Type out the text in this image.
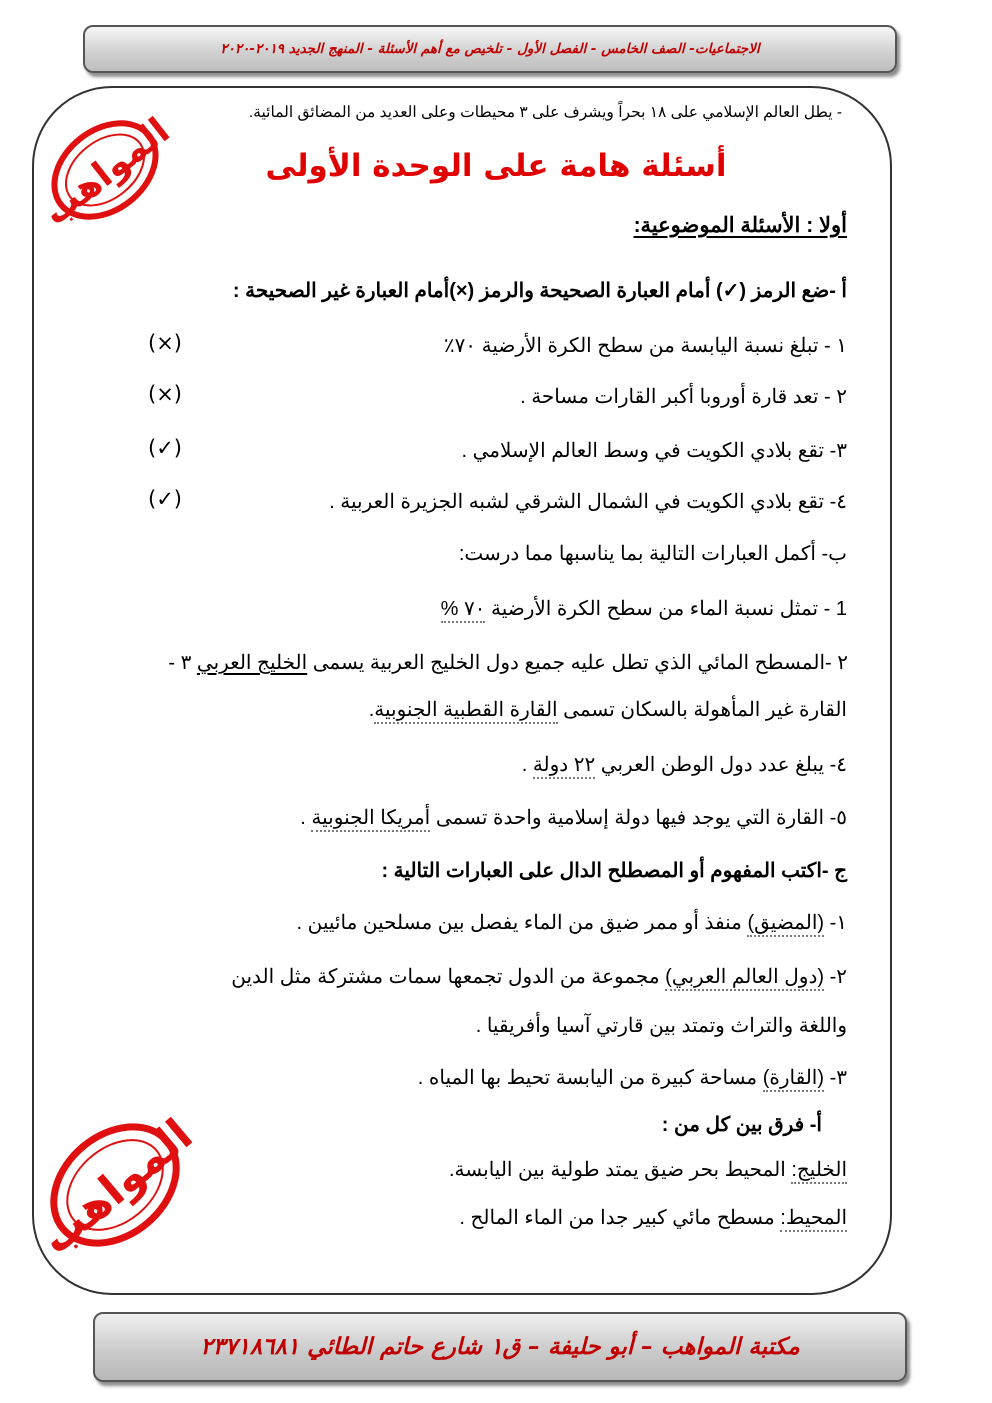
الاجتماعيات- الصف الخامس - الفصل الأول - تلخيص مع أهم الأسئلة - المنهج الجديد ٢٠١٩-٢٠٢٠
- يطل العالم الإسلامي على ١٨ بحراً ويشرف على ٣ محيطات وعلى العديد من المضائق المائية.
أسئلة هامة على الوحدة الأولى
أولا : الأسئلة الموضوعية:
أ -ضع الرمز (✓) أمام العبارة الصحيحة والرمز (×)أمام العبارة غير الصحيحة :
١ - تبلغ نسبة اليابسة من سطح الكرة الأرضية ٧٠٪
(×)
٢ - تعد قارة أوروبا أكبر القارات مساحة .
(×)
٣- تقع بلادي الكويت في وسط العالم الإسلامي .
(✓)
٤- تقع بلادي الكويت في الشمال الشرقي لشبه الجزيرة العربية .
(✓)
ب- أكمل العبارات التالية بما يناسبها مما درست:
1 - تمثل نسبة الماء من سطح الكرة الأرضية ٧٠ %
٢ -المسطح المائي الذي تطل عليه جميع دول الخليج العربية يسمى الخليج العربي ٣ -
القارة غير المأهولة بالسكان تسمى القارة القطبية الجنوبية.
٤- يبلغ عدد دول الوطن العربي ٢٢ دولة .
٥- القارة التي يوجد فيها دولة إسلامية واحدة تسمى أمريكا الجنوبية .
ج -اكتب المفهوم أو المصطلح الدال على العبارات التالية :
١- (المضيق) منفذ أو ممر ضيق من الماء يفصل بين مسلحين مائيين .
٢- (دول العالم العربي) مجموعة من الدول تجمعها سمات مشتركة مثل الدين
واللغة والتراث وتمتد بين قارتي آسيا وأفريقيا .
٣- (القارة) مساحة كبيرة من اليابسة تحيط بها المياه .
أ- فرق بين كل من :
الخليج: المحيط بحر ضيق يمتد طولية بين اليابسة.
المحيط: مسطح مائي كبير جدا من الماء المالح .
المواهب
المواهب
مكتبة المواهب – أبو حليفة – ق١ شارع حاتم الطائي ٢٣٧١٨٦٨١
